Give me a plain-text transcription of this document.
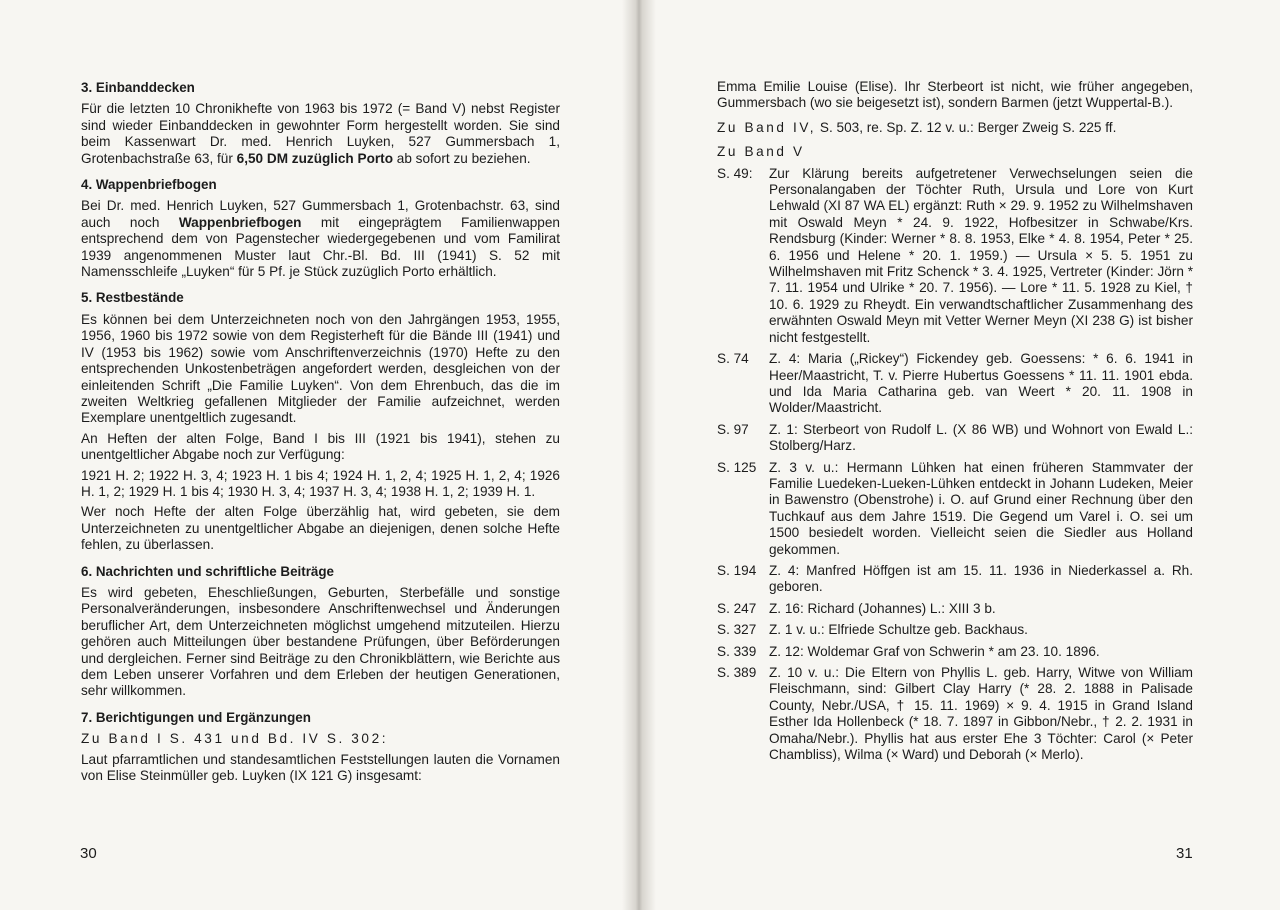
3. Einbanddecken
Für die letzten 10 Chronikhefte von 1963 bis 1972 (= Band V) nebst Register sind wieder Einbanddecken in gewohnter Form hergestellt worden. Sie sind beim Kassenwart Dr. med. Henrich Luyken, 527 Gummersbach 1, Grotenbachstraße 63, für 6,50 DM zuzüglich Porto ab sofort zu beziehen.
4. Wappenbriefbogen
Bei Dr. med. Henrich Luyken, 527 Gummersbach 1, Grotenbachstr. 63, sind auch noch Wappenbriefbogen mit eingeprägtem Familienwappen entsprechend dem von Pagenstecher wiedergegebenen und vom Familirat 1939 angenommenen Muster laut Chr.-Bl. Bd. III (1941) S. 52 mit Namensschleife „Luyken“ für 5 Pf. je Stück zuzüglich Porto erhältlich.
5. Restbestände
Es können bei dem Unterzeichneten noch von den Jahrgängen 1953, 1955, 1956, 1960 bis 1972 sowie von dem Registerheft für die Bände III (1941) und IV (1953 bis 1962) sowie vom Anschriftenverzeichnis (1970) Hefte zu den entsprechenden Unkostenbeträgen angefordert werden, desgleichen von der einleitenden Schrift „Die Familie Luyken“. Von dem Ehrenbuch, das die im zweiten Weltkrieg gefallenen Mitglieder der Familie aufzeichnet, werden Exemplare unentgeltlich zugesandt.
An Heften der alten Folge, Band I bis III (1921 bis 1941), stehen zu unentgeltlicher Abgabe noch zur Verfügung:
1921 H. 2; 1922 H. 3, 4; 1923 H. 1 bis 4; 1924 H. 1, 2, 4; 1925 H. 1, 2, 4; 1926 H. 1, 2; 1929 H. 1 bis 4; 1930 H. 3, 4; 1937 H. 3, 4; 1938 H. 1, 2; 1939 H. 1.
Wer noch Hefte der alten Folge überzählig hat, wird gebeten, sie dem Unterzeichneten zu unentgeltlicher Abgabe an diejenigen, denen solche Hefte fehlen, zu überlassen.
6. Nachrichten und schriftliche Beiträge
Es wird gebeten, Eheschließungen, Geburten, Sterbefälle und sonstige Personalveränderungen, insbesondere Anschriftenwechsel und Änderungen beruflicher Art, dem Unterzeichneten möglichst umgehend mitzuteilen. Hierzu gehören auch Mitteilungen über bestandene Prüfungen, über Beförderungen und dergleichen. Ferner sind Beiträge zu den Chronikblättern, wie Berichte aus dem Leben unserer Vorfahren und dem Erleben der heutigen Generationen, sehr willkommen.
7. Berichtigungen und Ergänzungen
Zu Band I S. 431 und Bd. IV S. 302:
Laut pfarramtlichen und standesamtlichen Feststellungen lauten die Vornamen von Elise Steinmüller geb. Luyken (IX 121 G) insgesamt:
30
Emma Emilie Louise (Elise). Ihr Sterbeort ist nicht, wie früher angegeben, Gummersbach (wo sie beigesetzt ist), sondern Barmen (jetzt Wuppertal-B.).
Zu Band IV, S. 503, re. Sp. Z. 12 v. u.: Berger Zweig S. 225 ff.
Zu Band V
S. 49:	Zur Klärung bereits aufgetretener Verwechselungen seien die Personalangaben der Töchter Ruth, Ursula und Lore von Kurt Lehwald (XI 87 WA EL) ergänzt: Ruth × 29. 9. 1952 zu Wilhelmshaven mit Oswald Meyn * 24. 9. 1922, Hofbesitzer in Schwabe/Krs. Rendsburg (Kinder: Werner * 8. 8. 1953, Elke * 4. 8. 1954, Peter * 25. 6. 1956 und Helene * 20. 1. 1959.) — Ursula × 5. 5. 1951 zu Wilhelmshaven mit Fritz Schenck * 3. 4. 1925, Vertreter (Kinder: Jörn * 7. 11. 1954 und Ulrike * 20. 7. 1956). — Lore * 11. 5. 1928 zu Kiel, † 10. 6. 1929 zu Rheydt. Ein verwandtschaftlicher Zusammenhang des erwähnten Oswald Meyn mit Vetter Werner Meyn (XI 238 G) ist bisher nicht festgestellt.
S. 74	Z. 4: Maria („Rickey“) Fickendey geb. Goessens: * 6. 6. 1941 in Heer/Maastricht, T. v. Pierre Hubertus Goessens * 11. 11. 1901 ebda. und Ida Maria Catharina geb. van Weert * 20. 11. 1908 in Wolder/Maastricht.
S. 97	Z. 1: Sterbeort von Rudolf L. (X 86 WB) und Wohnort von Ewald L.: Stolberg/Harz.
S. 125 Z. 3 v. u.: Hermann Lühken hat einen früheren Stammvater der Familie Luedeken-Lueken-Lühken entdeckt in Johann Ludeken, Meier in Bawenstro (Obenstrohe) i. O. auf Grund einer Rechnung über den Tuchkauf aus dem Jahre 1519. Die Gegend um Varel i. O. sei um 1500 besiedelt worden. Vielleicht seien die Siedler aus Holland gekommen.
S. 194 Z. 4: Manfred Höffgen ist am 15. 11. 1936 in Niederkassel a. Rh. geboren.
S. 247 Z. 16: Richard (Johannes) L.: XIII 3 b.
S. 327 Z. 1 v. u.: Elfriede Schultze geb. Backhaus.
S. 339 Z. 12: Woldemar Graf von Schwerin * am 23. 10. 1896.
S. 389 Z. 10 v. u.: Die Eltern von Phyllis L. geb. Harry, Witwe von William Fleischmann, sind: Gilbert Clay Harry (* 28. 2. 1888 in Palisade County, Nebr./USA, † 15. 11. 1969) × 9. 4. 1915 in Grand Island Esther Ida Hollenbeck (* 18. 7. 1897 in Gibbon/Nebr., † 2. 2. 1931 in Omaha/Nebr.). Phyllis hat aus erster Ehe 3 Töchter: Carol (× Peter Chambliss), Wilma (× Ward) und Deborah (× Merlo).
31
